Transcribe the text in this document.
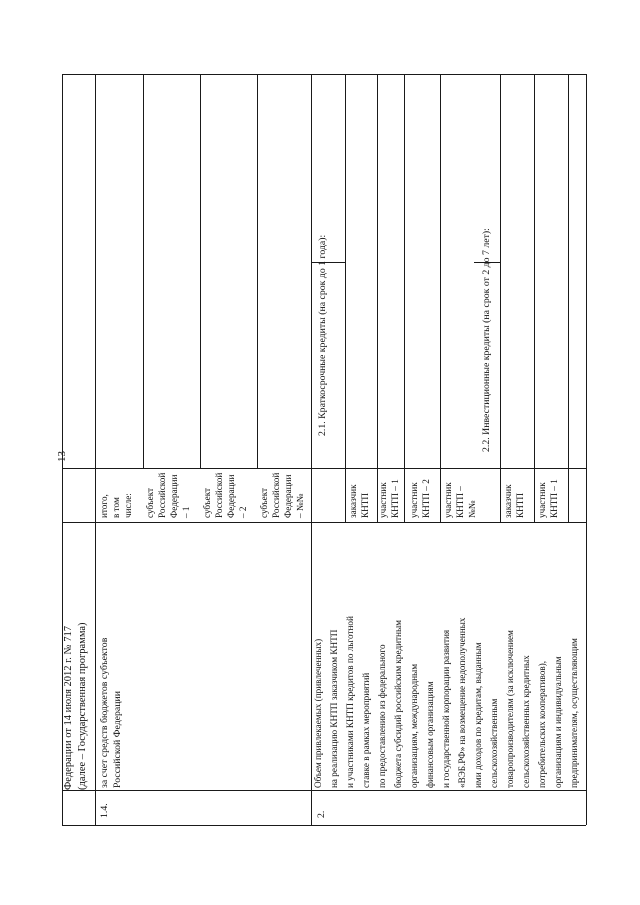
13
Федерации от 14 июля 2012 г. № 717 (далее – Государственная программа)
1.4.
за счет средств бюджетов субъектов Российской Федерации
итого, в том числе: субъект Российской Федерации – 1 субъект Российской Федерации – 2 субъект Российской Федерации – №№
2.
Объем привлекаемых (привлеченных) на реализацию КНТП заказчиком КНТП и участниками КНТП кредитов по льготной ставке в рамках мероприятий по предоставлению из федерального бюджета субсидий российским кредитным организациям, международным финансовым организациям и государственной корпорации развития «ВЭБ.РФ» на возмещение недополученных ими доходов по кредитам, выданным сельскохозяйственным товаропроизводителям (за исключением сельскохозяйственных кредитных потребительских кооперативов), организациям и индивидуальным предпринимателям, осуществляющим
2.1. Краткосрочные кредиты (на срок до 1 года):
заказчик КНТП участник КНТП – 1 участник КНТП – 2 участник КНТП – №№
2.2. Инвестиционные кредиты (на срок от 2 до 7 лет):
заказчик КНТП участник КНТП – 1
